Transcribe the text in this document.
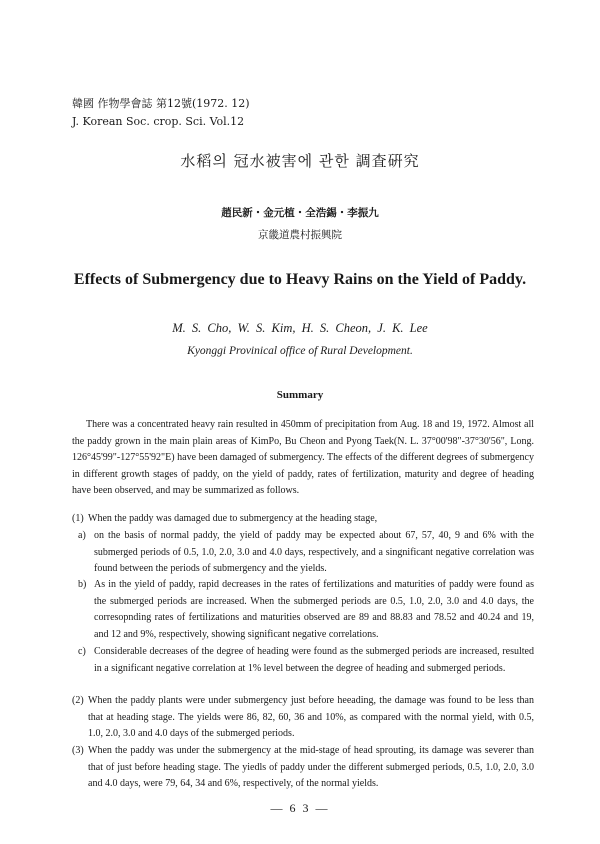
韓國 作物學會誌 第12號(1972. 12)
J. Korean Soc. crop. Sci. Vol.12
水稻의 冠水被害에 관한 調査硏究
趙民新・金元植・全浩錫・李振九
京畿道農村振興院
Effects of Submergency due to Heavy Rains on the Yield of Paddy.
M. S. Cho, W. S. Kim, H. S. Cheon, J. K. Lee
Kyonggi Provinical office of Rural Development.
Summary

There was a concentrated heavy rain resulted in 450mm of precipitation from Aug. 18 and 19, 1972. Almost all the paddy grown in the main plain areas of KimPo, Bu Cheon and Pyong Taek(N. L. 37°00'98"-37°30'56", Long. 126°45'99"-127°55'92"E) have been damaged of submergency. The effects of the different degrees of submergency in different growth stages of paddy, on the yield of paddy, rates of fertilization, maturity and degree of heading have been observed, and may be summarized as follows.

(1) When the paddy was damaged due to submergency at the heading stage,
a) on the basis of normal paddy, the yield of paddy may be expected about 67, 57, 40, 9 and 6% with the submerged periods of 0.5, 1.0, 2.0, 3.0 and 4.0 days, respectively, and a singnificant negative correlation was found between the periods of submergency and the yields.
b) As in the yield of paddy, rapid decreases in the rates of fertilizations and maturities of paddy were found as the submerged periods are increased. When the submerged periods are 0.5, 1.0, 2.0, 3.0 and 4.0 days, the corresopnding rates of fertilizations and maturities observed are 89 and 88.83 and 78.52 and 40.24 and 19, and 12 and 9%, respectively, showing significant negative correlations.
c) Considerable decreases of the degree of heading were found as the submerged periods are increased, resulted in a significant negative correlation at 1% level between the degree of heading and submerged periods.
(2) When the paddy plants were under submergency just before heeading, the damage was found to be less than that at heading stage. The yields were 86, 82, 60, 36 and 10%, as compared with the normal yield, with 0.5, 1.0, 2.0, 3.0 and 4.0 days of the submerged periods.
(3) When the paddy was under the submergency at the mid-stage of head sprouting, its damage was severer than that of just before heading stage. The yiedls of paddy under the different submerged periods, 0.5, 1.0, 2.0, 3.0 and 4.0 days, were 79, 64, 34 and 6%, respectively, of the normal yields.
— 6 3 —
